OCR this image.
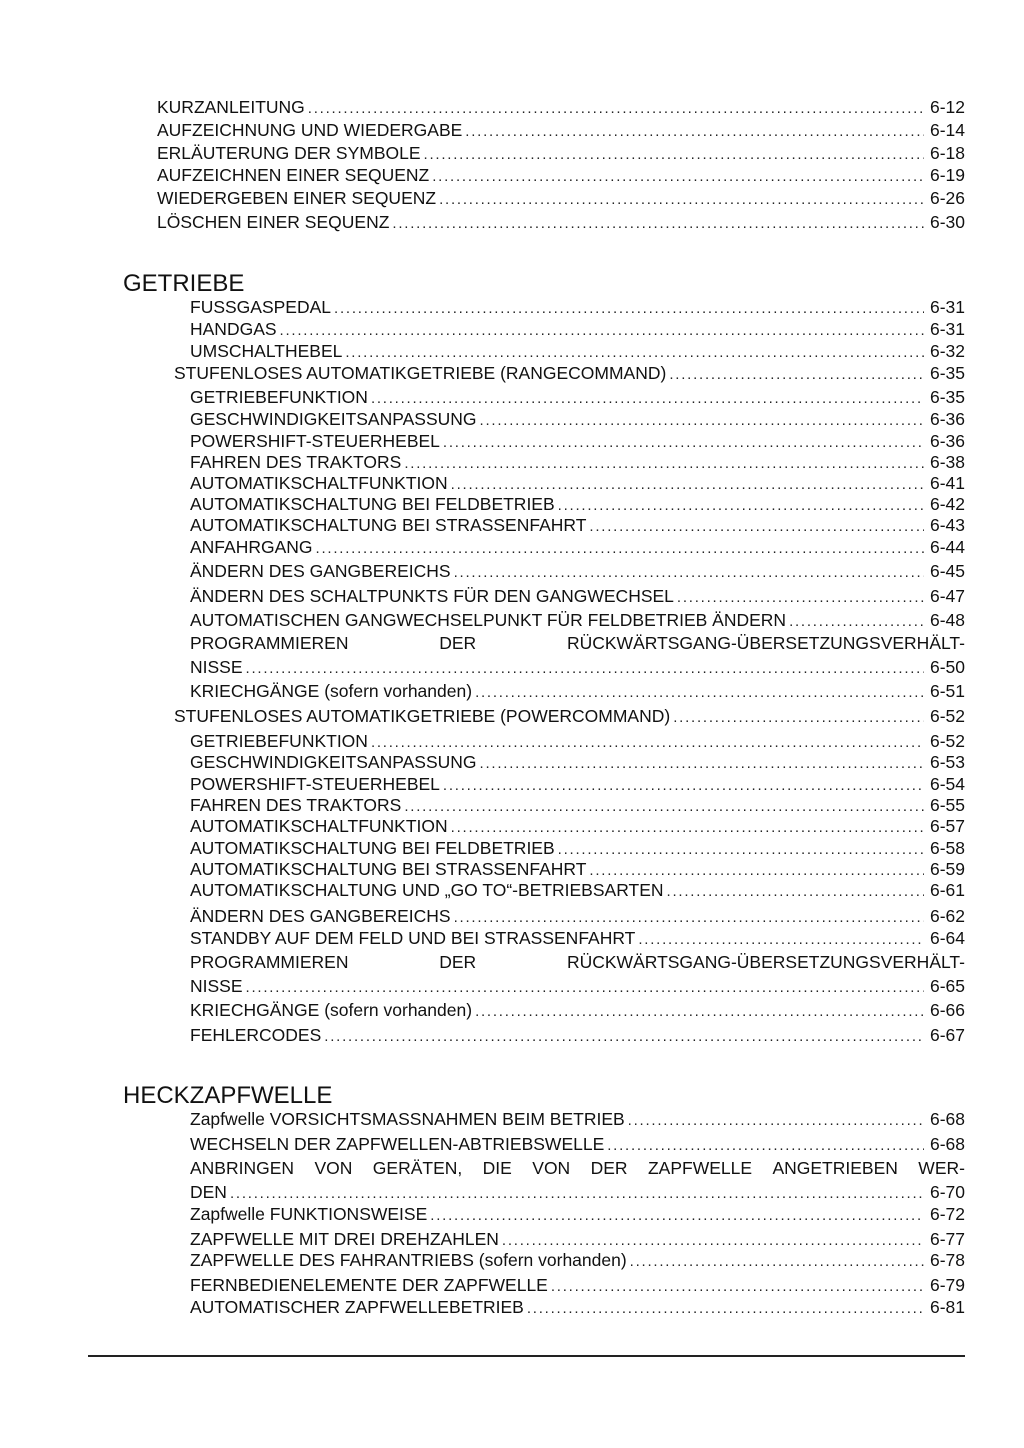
KURZANLEITUNG . . .	6-12
AUFZEICHNUNG UND WIEDERGABE . . .	6-14
ERLÄUTERUNG DER SYMBOLE . . .	6-18
AUFZEICHNEN EINER SEQUENZ . . .	6-19
WIEDERGEBEN EINER SEQUENZ . . .	6-26
LÖSCHEN EINER SEQUENZ . . .	6-30
GETRIEBE
FUSSGASPEDAL . . .	6-31
HANDGAS . . .	6-31
UMSCHALTHEBEL . . .	6-32
STUFENLOSES AUTOMATIKGETRIEBE (RANGECOMMAND) . . .	6-35
GETRIEBEFUNKTION . . .	6-35
GESCHWINDIGKEITSANPASSUNG . . .	6-36
POWERSHIFT-STEUERHEBEL . . .	6-36
FAHREN DES TRAKTORS . . .	6-38
AUTOMATIKSCHALTFUNKTION . . .	6-41
AUTOMATIKSCHALTUNG BEI FELDBETRIEB . . .	6-42
AUTOMATIKSCHALTUNG BEI STRASSENFAHRT . . .	6-43
ANFAHRGANG . . .	6-44
ÄNDERN DES GANGBEREICHS . . .	6-45
ÄNDERN DES SCHALTPUNKTS FÜR DEN GANGWECHSEL . . .	6-47
AUTOMATISCHEN GANGWECHSELPUNKT FÜR FELDBETRIEB ÄNDERN . . .	6-48
PROGRAMMIEREN	DER	RÜCKWÄRTSGANG-ÜBERSETZUNGSVERHÄLT-
NISSE . . .	6-50
KRIECHGÄNGE (sofern vorhanden) . . .	6-51
STUFENLOSES AUTOMATIKGETRIEBE (POWERCOMMAND) . . .	6-52
GETRIEBEFUNKTION . . .	6-52
GESCHWINDIGKEITSANPASSUNG . . .	6-53
POWERSHIFT-STEUERHEBEL . . .	6-54
FAHREN DES TRAKTORS . . .	6-55
AUTOMATIKSCHALTFUNKTION . . .	6-57
AUTOMATIKSCHALTUNG BEI FELDBETRIEB . . .	6-58
AUTOMATIKSCHALTUNG BEI STRASSENFAHRT . . .	6-59
AUTOMATIKSCHALTUNG UND „GO TO“-BETRIEBSARTEN . . .	6-61
ÄNDERN DES GANGBEREICHS . . .	6-62
STANDBY AUF DEM FELD UND BEI STRASSENFAHRT . . .	6-64
PROGRAMMIEREN	DER	RÜCKWÄRTSGANG-ÜBERSETZUNGSVERHÄLT-
NISSE . . .	6-65
KRIECHGÄNGE (sofern vorhanden) . . .	6-66
FEHLERCODES . . .	6-67
HECKZAPFWELLE
Zapfwelle VORSICHTSMASSNAHMEN BEIM BETRIEB . . .	6-68
WECHSELN DER ZAPFWELLEN-ABTRIEBSWELLE . . .	6-68
ANBRINGEN VON GERÄTEN, DIE VON DER ZAPFWELLE ANGETRIEBEN WER-
DEN . . .	6-70
Zapfwelle FUNKTIONSWEISE . . .	6-72
ZAPFWELLE MIT DREI DREHZAHLEN . . .	6-77
ZAPFWELLE DES FAHRANTRIEBS (sofern vorhanden) . . .	6-78
FERNBEDIENELEMENTE DER ZAPFWELLE . . .	6-79
AUTOMATISCHER ZAPFWELLEBETRIEB . . .	6-81
